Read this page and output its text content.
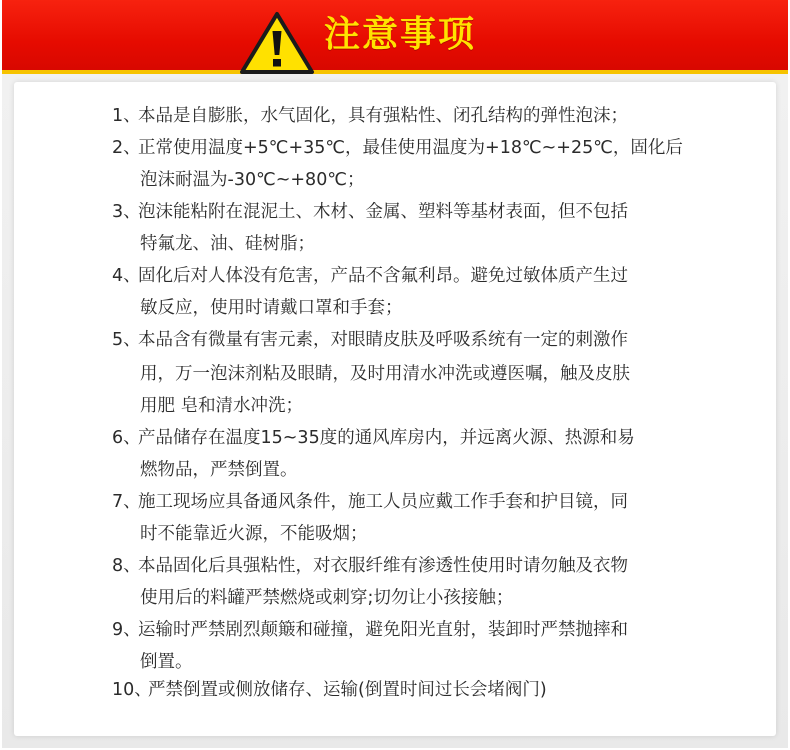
注意事项
1、
本品是自膨胀，水气固化，具有强粘性、闭孔结构的弹性泡沫；
2、
正常使用温度+5℃+35℃，最佳使用温度为+18℃~+25℃，固化后
泡沫耐温为-30℃~+80℃；
3、
泡沫能粘附在混泥土、木材、金属、塑料等基材表面，但不包括
特氟龙、油、硅树脂；
4、
固化后对人体没有危害，产品不含氟利昂。避免过敏体质产生过
敏反应，使用时请戴口罩和手套；
5、
本品含有微量有害元素，对眼睛皮肤及呼吸系统有一定的刺激作
用，万一泡沫剂粘及眼睛，及时用清水冲洗或遵医嘱，触及皮肤
用肥 皂和清水冲洗；
6、
产品储存在温度15~35度的通风库房内，并远离火源、热源和易
燃物品，严禁倒置。
7、
施工现场应具备通风条件，施工人员应戴工作手套和护目镜，同
时不能靠近火源，不能吸烟；
8、
本品固化后具强粘性，对衣服纤维有渗透性使用时请勿触及衣物
使用后的料罐严禁燃烧或刺穿;切勿让小孩接触；
9、
运输时严禁剧烈颠簸和碰撞，避免阳光直射，装卸时严禁抛摔和
倒置。
10、
严禁倒置或侧放储存、运输(倒置时间过长会堵阀门)
